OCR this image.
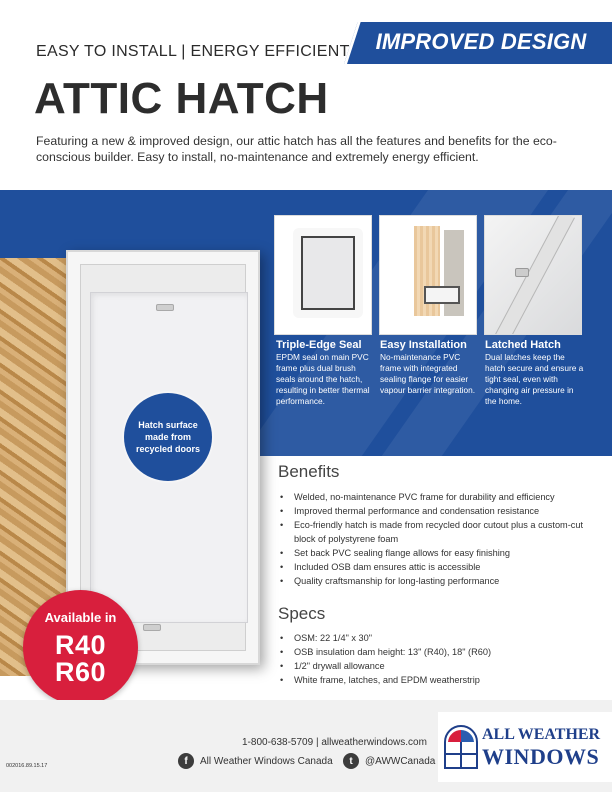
IMPROVED DESIGN
EASY TO INSTALL | ENERGY EFFICIENT
ATTIC HATCH
Featuring a new & improved design, our attic hatch has all the features and benefits for the eco-conscious builder. Easy to install, no-maintenance and extremely energy efficient.
Hatch surface made from recycled doors
Available in
R40
R60
Triple-Edge Seal
EPDM seal on main PVC frame plus dual brush seals around the hatch, resulting in better thermal performance.
Easy Installation
No-maintenance PVC frame with integrated sealing flange for easier vapour barrier integration.
Latched Hatch
Dual latches keep the hatch secure and ensure a tight seal, even with changing air pressure in the home.
Benefits
• Welded, no-maintenance PVC frame for durability and efficiency
• Improved thermal performance and condensation resistance
• Eco-friendly hatch is made from recycled door cutout plus a custom-cut block of polystyrene foam
• Set back PVC sealing flange allows for easy finishing
• Included OSB dam ensures attic is accessible
• Quality craftsmanship for long-lasting performance
Specs
• OSM: 22 1/4" x 30"
• OSB insulation dam height: 13" (R40), 18" (R60)
• 1/2" drywall allowance
• White frame, latches, and EPDM weatherstrip
1-800-638-5709 | allweatherwindows.com
f	All Weather Windows Canada	t	@AWWCanada
002016.89.15.17
ALL WEATHER
WINDOWS
